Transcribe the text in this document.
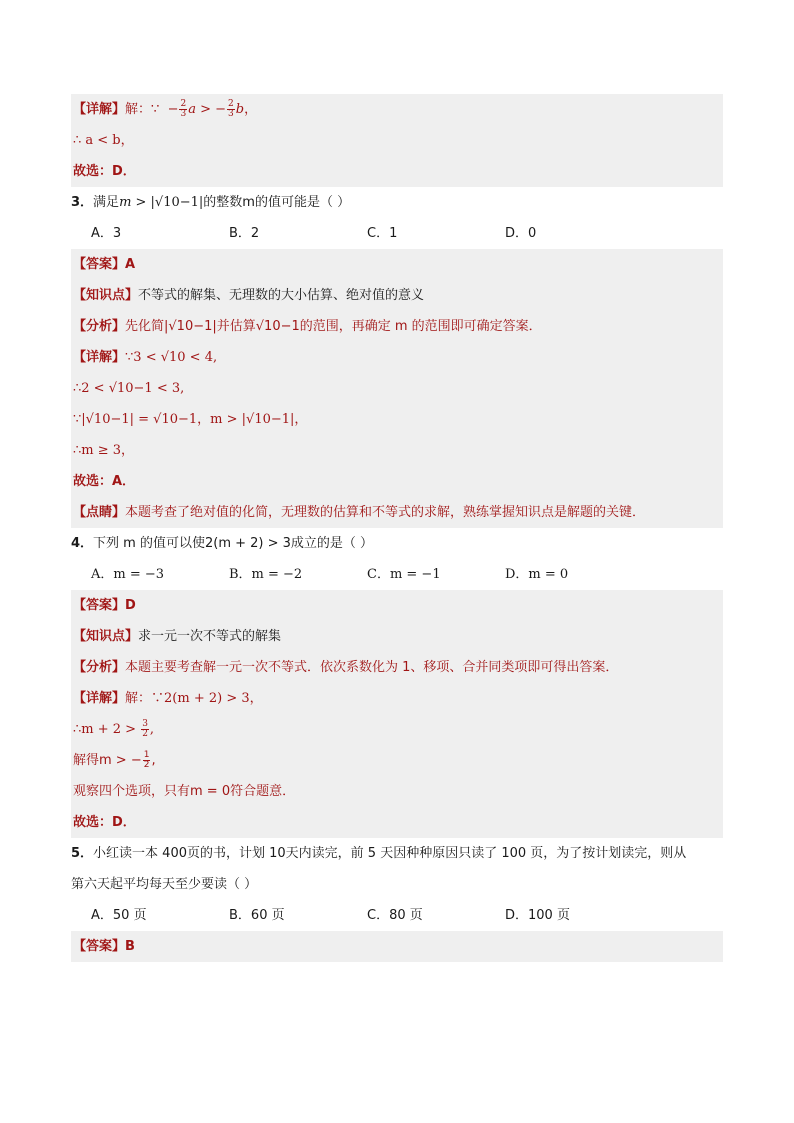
【详解】解：∵ − $\frac{2}{3}$ a > − $\frac{2}{3}$ b，
∴ a < b，
故选：D．
3．满足m > |√10−1|的整数m的值可能是（ ）
A．3	B．2	C．1	D．0
【答案】A
【知识点】不等式的解集、无理数的大小估算、绝对值的意义
【分析】先化简|√10−1|并估算√10−1的范围，再确定 m 的范围即可确定答案．
【详解】∵3 < √10 < 4,
∴2 < √10−1 < 3,
∵|√10−1| = √10−1，m > |√10−1|，
∴m ≥ 3，
故选：A．
【点睛】本题考查了绝对值的化简，无理数的估算和不等式的求解，熟练掌握知识点是解题的关键．
4．下列 m 的值可以使2(m + 2) > 3成立的是（ ）
A．m = −3	B．m = −2	C．m = −1	D．m = 0
【答案】D
【知识点】求一元一次不等式的解集
【分析】本题主要考查解一元一次不等式．依次系数化为 1、移项、合并同类项即可得出答案．
【详解】解：∵2(m + 2) > 3，
∴m + $2 > \frac{3}{2}$ ,
解得m > − $\frac{1}{2}$ ,
观察四个选项，只有m = 0符合题意．
故选：D．
5．小红读一本 400页的书，计划 10天内读完，前 5 天因种种原因只读了 100 页，为了按计划读完，则从
第六天起平均每天至少要读（ ）
A．50 页	B．60 页	C．80 页	D．100 页
【答案】B
